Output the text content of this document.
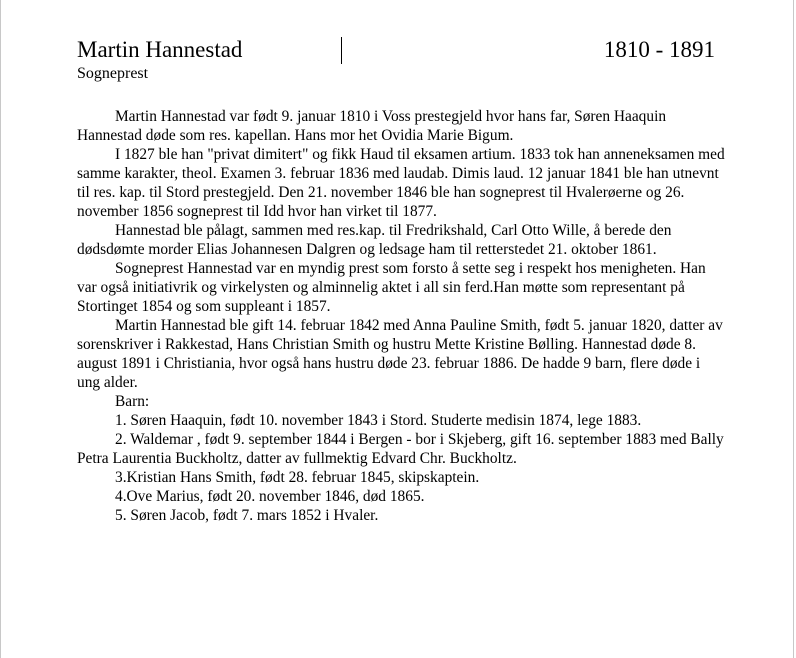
Martin Hannestad	1810 - 1891
Sogneprest

Martin Hannestad var født 9. januar 1810 i Voss prestegjeld hvor hans far, Søren Haaquin Hannestad døde som res. kapellan. Hans mor het Ovidia Marie Bigum.

I 1827 ble han "privat dimitert" og fikk Haud til eksamen artium. 1833 tok han anneneksamen med samme karakter, theol. Examen 3. februar 1836 med laudab. Dimis laud. 12 januar 1841 ble han utnevnt til res. kap. til Stord prestegjeld. Den 21. november 1846 ble han sogneprest til Hvalerøerne og 26. november 1856 sogneprest til Idd hvor han virket til 1877.

Hannestad ble pålagt, sammen med res.kap. til Fredrikshald, Carl Otto Wille, å berede den dødsdømte morder Elias Johannesen Dalgren og ledsage ham til retterstedet 21. oktober 1861.

Sogneprest Hannestad var en myndig prest som forsto å sette seg i respekt hos menigheten. Han var også initiativrik og virkelysten og alminnelig aktet i all sin ferd.Han møtte som representant på Stortinget 1854 og som suppleant i 1857.

Martin Hannestad ble gift 14. februar 1842 med Anna Pauline Smith, født 5. januar 1820, datter av sorenskriver i Rakkestad, Hans Christian Smith og hustru Mette Kristine Bølling. Hannestad døde 8. august 1891 i Christiania, hvor også hans hustru døde 23. februar 1886. De hadde 9 barn, flere døde i ung alder.

Barn:

1. Søren Haaquin, født 10. november 1843 i Stord. Studerte medisin 1874, lege 1883.

2. Waldemar , født 9. september 1844 i Bergen - bor i Skjeberg, gift 16. september 1883 med Bally Petra Laurentia Buckholtz, datter av fullmektig Edvard Chr. Buckholtz.

3.Kristian Hans Smith, født 28. februar 1845, skipskaptein.

4.Ove Marius, født 20. november 1846, død 1865.

5. Søren Jacob, født 7. mars 1852 i Hvaler.
